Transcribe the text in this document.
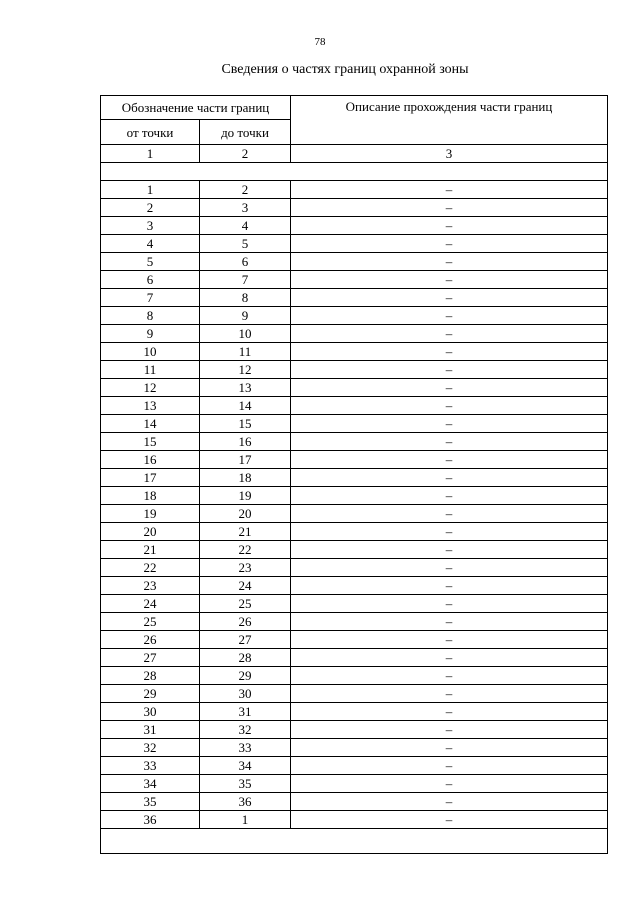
78
Сведения о частях границ охранной зоны
Обозначение части границ		Описание прохождения части границ
от точки	до точки	
1	2	3

1	2	–
2	3	–
3	4	–
4	5	–
5	6	–
6	7	–
7	8	–
8	9	–
9	10	–
10	11	–
11	12	–
12	13	–
13	14	–
14	15	–
15	16	–
16	17	–
17	18	–
18	19	–
19	20	–
20	21	–
21	22	–
22	23	–
23	24	–
24	25	–
25	26	–
26	27	–
27	28	–
28	29	–
29	30	–
30	31	–
31	32	–
32	33	–
33	34	–
34	35	–
35	36	–
36	1	–
